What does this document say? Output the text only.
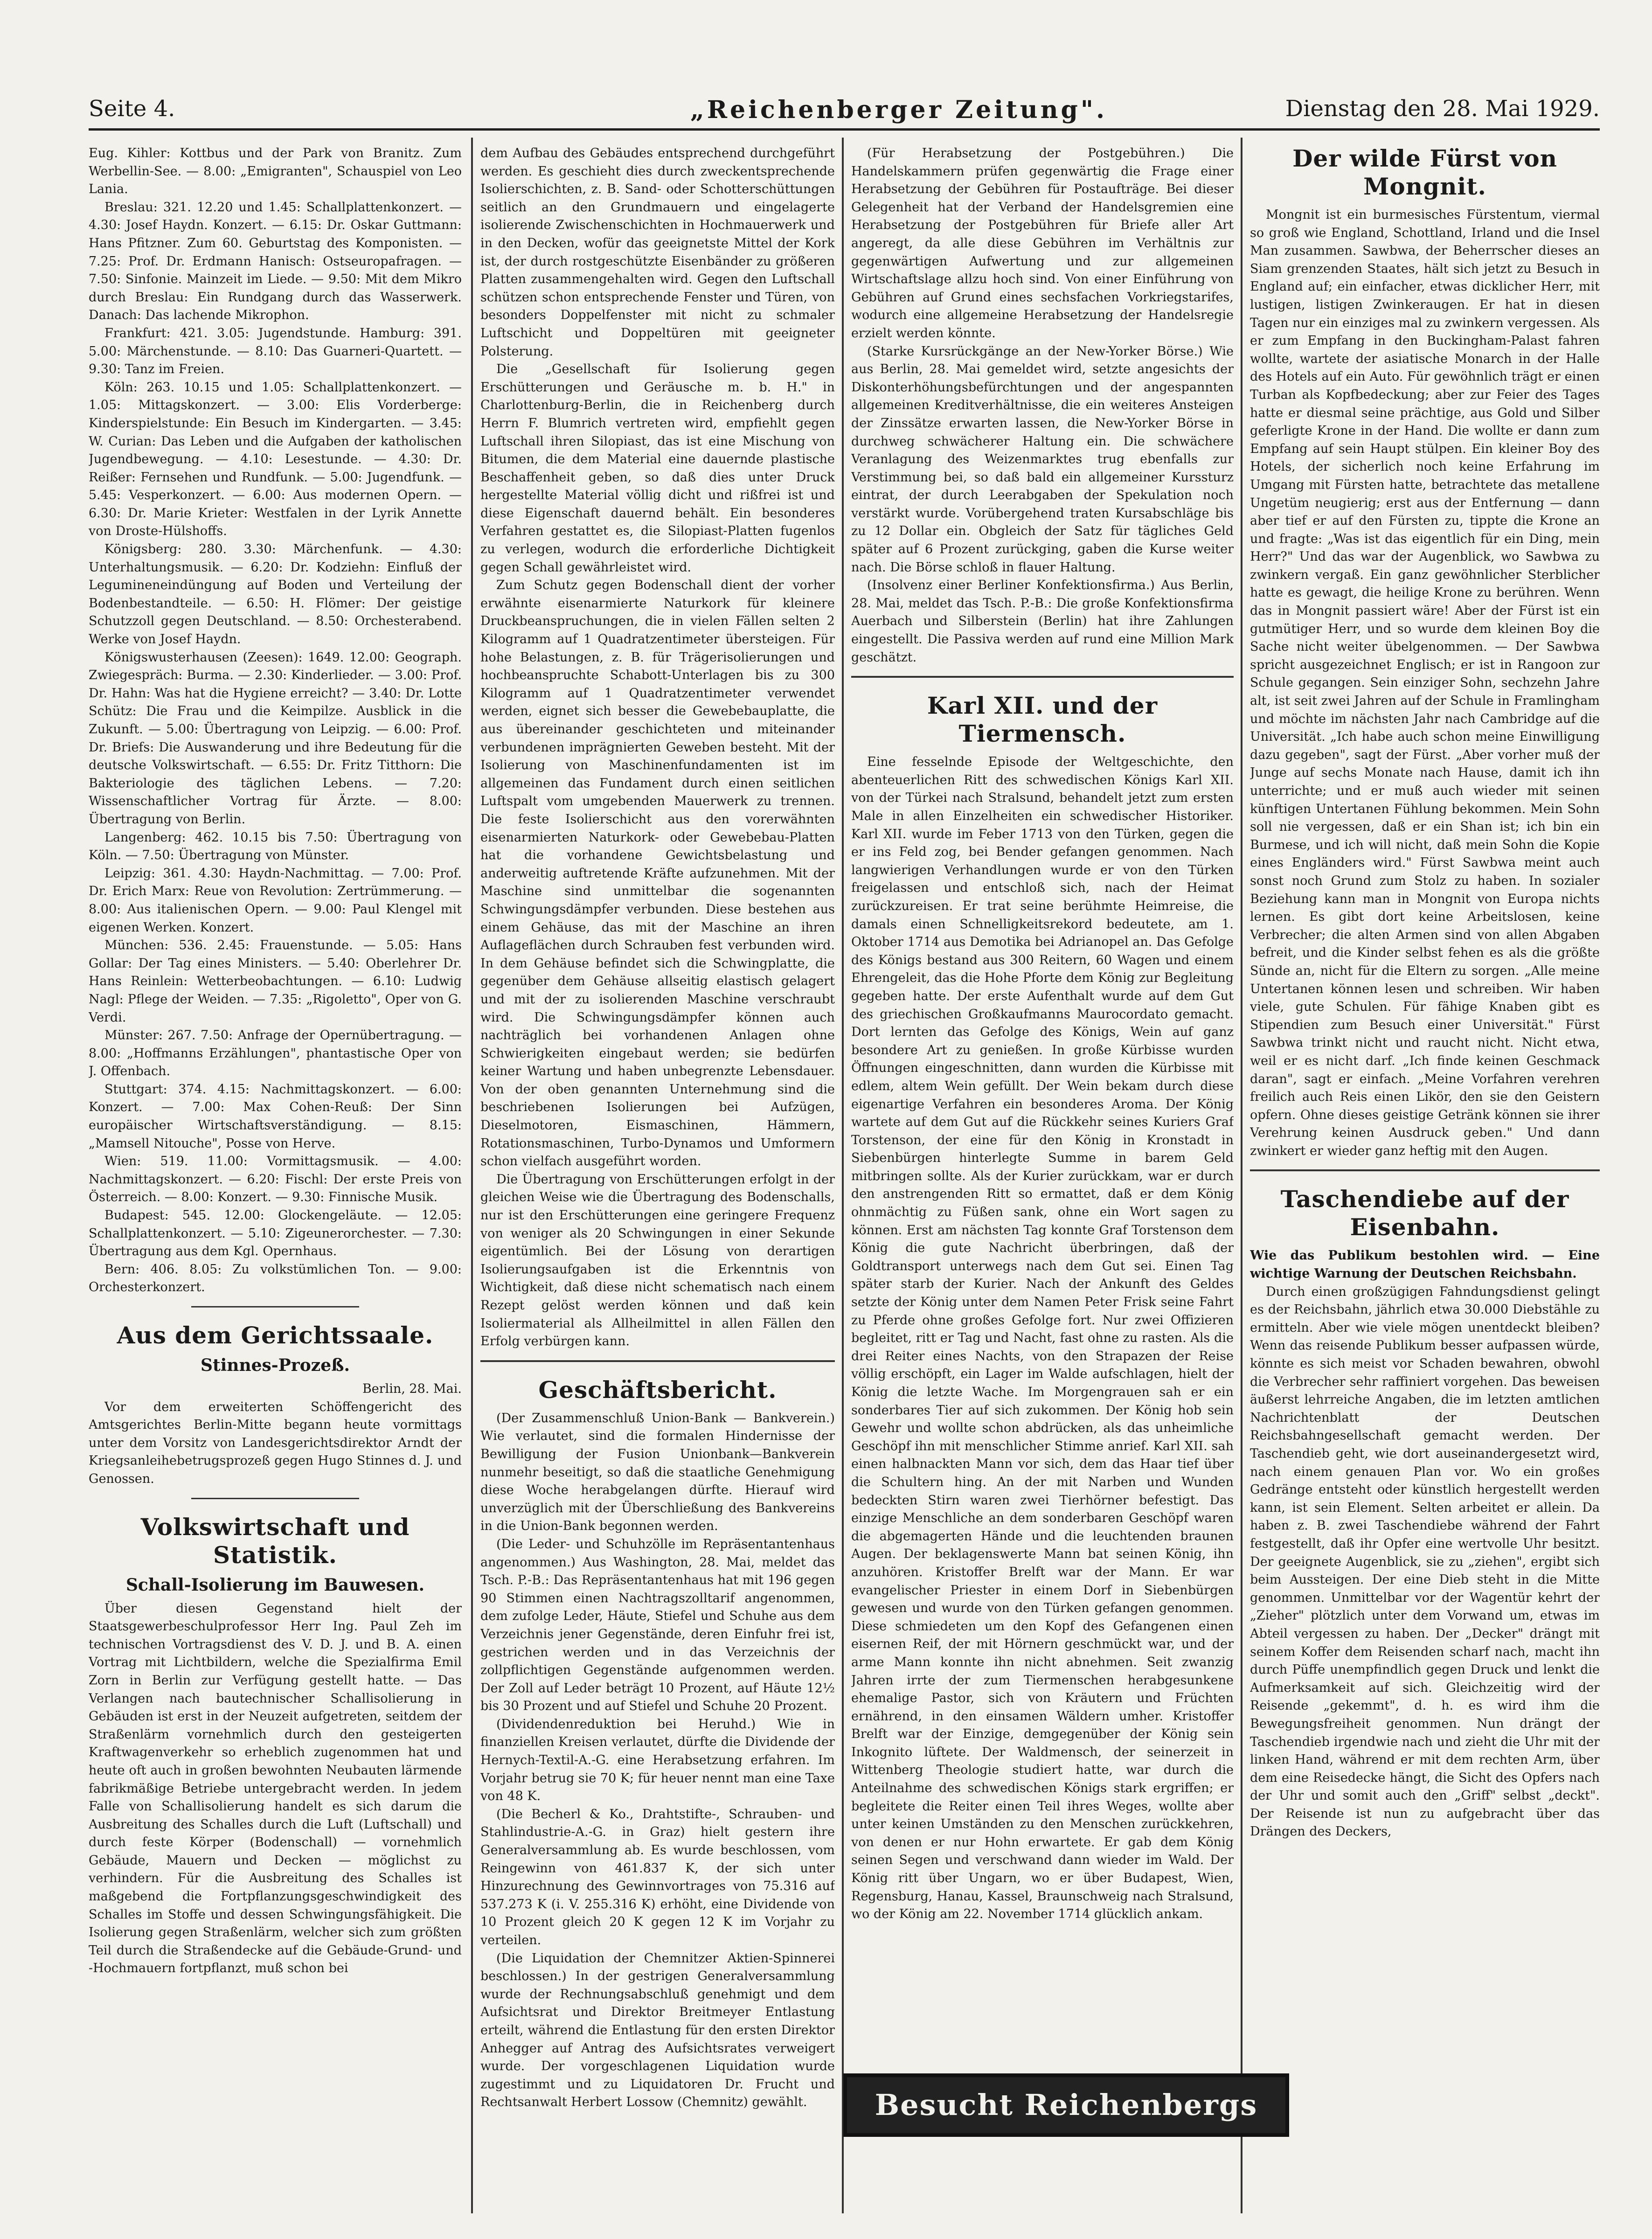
Seite 4.	„Reichenberger Zeitung".	Dienstag den 28. Mai 1929.

Eug. Kihler: Kottbus und der Park von Branitz. Zum Werbellin-See. — 8.00: „Emigranten", Schauspiel von Leo Lania.

Breslau: 321. 12.20 und 1.45: Schallplattenkonzert. — 4.30: Josef Haydn. Konzert. — 6.15: Dr. Oskar Guttmann: Hans Pfitzner. Zum 60. Geburtstag des Komponisten. — 7.25: Prof. Dr. Erdmann Hanisch: Ostseuropafragen. — 7.50: Sinfonie. Mainzeit im Liede. — 9.50: Mit dem Mikro durch Breslau: Ein Rundgang durch das Wasserwerk. Danach: Das lachende Mikrophon.

Frankfurt: 421. 3.05: Jugendstunde. Hamburg: 391. 5.00: Märchenstunde. — 8.10: Das Guarneri-Quartett. — 9.30: Tanz im Freien.

Köln: 263. 10.15 und 1.05: Schallplattenkonzert. — 1.05: Mittagskonzert. — 3.00: Elis Vorderberge: Kinderspielstunde: Ein Besuch im Kindergarten. — 3.45: W. Curian: Das Leben und die Aufgaben der katholischen Jugendbewegung. — 4.10: Lesestunde. — 4.30: Dr. Reißer: Fernsehen und Rundfunk. — 5.00: Jugendfunk. — 5.45: Vesperkonzert. — 6.00: Aus modernen Opern. — 6.30: Dr. Marie Krieter: Westfalen in der Lyrik Annette von Droste-Hülshoffs.

Königsberg: 280. 3.30: Märchenfunk. — 4.30: Unterhaltungsmusik. — 6.20: Dr. Kodziehn: Einfluß der Legumineneindüngung auf Boden und Verteilung der Bodenbestandteile. — 6.50: H. Flömer: Der geistige Schutzzoll gegen Deutschland. — 8.50: Orchesterabend. Werke von Josef Haydn.

Königswusterhausen (Zeesen): 1649. 12.00: Geograph. Zwiegespräch: Burma. — 2.30: Kinderlieder. — 3.00: Prof. Dr. Hahn: Was hat die Hygiene erreicht? — 3.40: Dr. Lotte Schütz: Die Frau und die Keimpilze. Ausblick in die Zukunft. — 5.00: Übertragung von Leipzig. — 6.00: Prof. Dr. Briefs: Die Auswanderung und ihre Bedeutung für die deutsche Volkswirtschaft. — 6.55: Dr. Fritz Titthorn: Die Bakteriologie des täglichen Lebens. — 7.20: Wissenschaftlicher Vortrag für Ärzte. — 8.00: Übertragung von Berlin.

Langenberg: 462. 10.15 bis 7.50: Übertragung von Köln. — 7.50: Übertragung von Münster.

Leipzig: 361. 4.30: Haydn-Nachmittag. — 7.00: Prof. Dr. Erich Marx: Reue von Revolution: Zertrümmerung. — 8.00: Aus italienischen Opern. — 9.00: Paul Klengel mit eigenen Werken. Konzert.

München: 536. 2.45: Frauenstunde. — 5.05: Hans Gollar: Der Tag eines Ministers. — 5.40: Oberlehrer Dr. Hans Reinlein: Wetterbeobachtungen. — 6.10: Ludwig Nagl: Pflege der Weiden. — 7.35: „Rigoletto", Oper von G. Verdi.

Münster: 267. 7.50: Anfrage der Opernübertragung. — 8.00: „Hoffmanns Erzählungen", phantastische Oper von J. Offenbach.

Stuttgart: 374. 4.15: Nachmittagskonzert. — 6.00: Konzert. — 7.00: Max Cohen-Reuß: Der Sinn europäischer Wirtschaftsverständigung. — 8.15: „Mamsell Nitouche", Posse von Herve.

Wien: 519. 11.00: Vormittagsmusik. — 4.00: Nachmittagskonzert. — 6.20: Fischl: Der erste Preis von Österreich. — 8.00: Konzert. — 9.30: Finnische Musik.

Budapest: 545. 12.00: Glockengeläute. — 12.05: Schallplattenkonzert. — 5.10: Zigeunerorchester. — 7.30: Übertragung aus dem Kgl. Opernhaus.

Bern: 406. 8.05: Zu volkstümlichen Ton. — 9.00: Orchesterkonzert.

Aus dem Gerichtssaale.
Stinnes-Prozeß.

Berlin, 28. Mai.

Vor dem erweiterten Schöffengericht des Amtsgerichtes Berlin-Mitte begann heute vormittags unter dem Vorsitz von Landesgerichtsdirektor Arndt der Kriegsanleihebetrugsprozeß gegen Hugo Stinnes d. J. und Genossen.

Volkswirtschaft und Statistik.
Schall-Isolierung im Bauwesen.

Über diesen Gegenstand hielt der Staatsgewerbeschulprofessor Herr Ing. Paul Zeh im technischen Vortragsdienst des V. D. J. und B. A. einen Vortrag mit Lichtbildern, welche die Spezialfirma Emil Zorn in Berlin zur Verfügung gestellt hatte. — Das Verlangen nach bautechnischer Schallisolierung in Gebäuden ist erst in der Neuzeit aufgetreten, seitdem der Straßenlärm vornehmlich durch den gesteigerten Kraftwagenverkehr so erheblich zugenommen hat und heute oft auch in großen bewohnten Neubauten lärmende fabrikmäßige Betriebe untergebracht werden. In jedem Falle von Schallisolierung handelt es sich darum die Ausbreitung des Schalles durch die Luft (Luftschall) und durch feste Körper (Bodenschall) — vornehmlich Gebäude, Mauern und Decken — möglichst zu verhindern. Für die Ausbreitung des Schalles ist maßgebend die Fortpflanzungsgeschwindigkeit des Schalles im Stoffe und dessen Schwingungsfähigkeit. Die Isolierung gegen Straßenlärm, welcher sich zum größten Teil durch die Straßendecke auf die Gebäude-Grund- und -Hochmauern fortpflanzt, muß schon bei

dem Aufbau des Gebäudes entsprechend durchgeführt werden. Es geschieht dies durch zweckentsprechende Isolierschichten, z. B. Sand- oder Schotterschüttungen seitlich an den Grundmauern und eingelagerte isolierende Zwischenschichten in Hochmauerwerk und in den Decken, wofür das geeignetste Mittel der Kork ist, der durch rostgeschützte Eisenbänder zu größeren Platten zusammengehalten wird. Gegen den Luftschall schützen schon entsprechende Fenster und Türen, von besonders Doppelfenster mit nicht zu schmaler Luftschicht und Doppeltüren mit geeigneter Polsterung.

Die „Gesellschaft für Isolierung gegen Erschütterungen und Geräusche m. b. H." in Charlottenburg-Berlin, die in Reichenberg durch Herrn F. Blumrich vertreten wird, empfiehlt gegen Luftschall ihren Silopiast, das ist eine Mischung von Bitumen, die dem Material eine dauernde plastische Beschaffenheit geben, so daß dies unter Druck hergestellte Material völlig dicht und rißfrei ist und diese Eigenschaft dauernd behält. Ein besonderes Verfahren gestattet es, die Silopiast-Platten fugenlos zu verlegen, wodurch die erforderliche Dichtigkeit gegen Schall gewährleistet wird.

Zum Schutz gegen Bodenschall dient der vorher erwähnte eisenarmierte Naturkork für kleinere Druckbeanspruchungen, die in vielen Fällen selten 2 Kilogramm auf 1 Quadratzentimeter übersteigen. Für hohe Belastungen, z. B. für Trägerisolierungen und hochbeanspruchte Schabott-Unterlagen bis zu 300 Kilogramm auf 1 Quadratzentimeter verwendet werden, eignet sich besser die Gewebebauplatte, die aus übereinander geschichteten und miteinander verbundenen imprägnierten Geweben besteht. Mit der Isolierung von Maschinenfundamenten ist im allgemeinen das Fundament durch einen seitlichen Luftspalt vom umgebenden Mauerwerk zu trennen. Die feste Isolierschicht aus den vorerwähnten eisenarmierten Naturkork- oder Gewebebau-Platten hat die vorhandene Gewichtsbelastung und anderweitig auftretende Kräfte aufzunehmen. Mit der Maschine sind unmittelbar die sogenannten Schwingungsdämpfer verbunden. Diese bestehen aus einem Gehäuse, das mit der Maschine an ihren Auflageflächen durch Schrauben fest verbunden wird. In dem Gehäuse befindet sich die Schwingplatte, die gegenüber dem Gehäuse allseitig elastisch gelagert und mit der zu isolierenden Maschine verschraubt wird. Die Schwingungsdämpfer können auch nachträglich bei vorhandenen Anlagen ohne Schwierigkeiten eingebaut werden; sie bedürfen keiner Wartung und haben unbegrenzte Lebensdauer. Von der oben genannten Unternehmung sind die beschriebenen Isolierungen bei Aufzügen, Dieselmotoren, Eismaschinen, Hämmern, Rotationsmaschinen, Turbo-Dynamos und Umformern schon vielfach ausgeführt worden.

Die Übertragung von Erschütterungen erfolgt in der gleichen Weise wie die Übertragung des Bodenschalls, nur ist den Erschütterungen eine geringere Frequenz von weniger als 20 Schwingungen in einer Sekunde eigentümlich. Bei der Lösung von derartigen Isolierungsaufgaben ist die Erkenntnis von Wichtigkeit, daß diese nicht schematisch nach einem Rezept gelöst werden können und daß kein Isoliermaterial als Allheilmittel in allen Fällen den Erfolg verbürgen kann.

Geschäftsbericht.

(Der Zusammenschluß Union-Bank — Bankverein.) Wie verlautet, sind die formalen Hindernisse der Bewilligung der Fusion Unionbank—Bankverein nunmehr beseitigt, so daß die staatliche Genehmigung diese Woche herabgelangen dürfte. Hierauf wird unverzüglich mit der Überschließung des Bankvereins in die Union-Bank begonnen werden.

(Die Leder- und Schuhzölle im Repräsentantenhaus angenommen.) Aus Washington, 28. Mai, meldet das Tsch. P.-B.: Das Repräsentantenhaus hat mit 196 gegen 90 Stimmen einen Nachtragszolltarif angenommen, dem zufolge Leder, Häute, Stiefel und Schuhe aus dem Verzeichnis jener Gegenstände, deren Einfuhr frei ist, gestrichen werden und in das Verzeichnis der zollpflichtigen Gegenstände aufgenommen werden. Der Zoll auf Leder beträgt 10 Prozent, auf Häute 12½ bis 30 Prozent und auf Stiefel und Schuhe 20 Prozent.

(Dividendenreduktion bei Heruhd.) Wie in finanziellen Kreisen verlautet, dürfte die Dividende der Hernych-Textil-A.-G. eine Herabsetzung erfahren. Im Vorjahr betrug sie 70 K; für heuer nennt man eine Taxe von 48 K.

(Die Becherl & Ko., Drahtstifte-, Schrauben- und Stahlindustrie-A.-G. in Graz) hielt gestern ihre Generalversammlung ab. Es wurde beschlossen, vom Reingewinn von 461.837 K, der sich unter Hinzurechnung des Gewinnvortrages von 75.316 auf 537.273 K (i. V. 255.316 K) erhöht, eine Dividende von 10 Prozent gleich 20 K gegen 12 K im Vorjahr zu verteilen.

(Die Liquidation der Chemnitzer Aktien-Spinnerei beschlossen.) In der gestrigen Generalversammlung wurde der Rechnungsabschluß genehmigt und dem Aufsichtsrat und Direktor Breitmeyer Entlastung erteilt, während die Entlastung für den ersten Direktor Anhegger auf Antrag des Aufsichtsrates verweigert wurde. Der vorgeschlagenen Liquidation wurde zugestimmt und zu Liquidatoren Dr. Frucht und Rechtsanwalt Herbert Lossow (Chemnitz) gewählt.

(Für Herabsetzung der Postgebühren.) Die Handelskammern prüfen gegenwärtig die Frage einer Herabsetzung der Gebühren für Postaufträge. Bei dieser Gelegenheit hat der Verband der Handelsgremien eine Herabsetzung der Postgebühren für Briefe aller Art angeregt, da alle diese Gebühren im Verhältnis zur gegenwärtigen Aufwertung und zur allgemeinen Wirtschaftslage allzu hoch sind. Von einer Einführung von Gebühren auf Grund eines sechsfachen Vorkriegstarifes, wodurch eine allgemeine Herabsetzung der Handelsregie erzielt werden könnte.

(Starke Kursrückgänge an der New-Yorker Börse.) Wie aus Berlin, 28. Mai gemeldet wird, setzte angesichts der Diskonterhöhungsbefürchtungen und der angespannten allgemeinen Kreditverhältnisse, die ein weiteres Ansteigen der Zinssätze erwarten lassen, die New-Yorker Börse in durchweg schwächerer Haltung ein. Die schwächere Veranlagung des Weizenmarktes trug ebenfalls zur Verstimmung bei, so daß bald ein allgemeiner Kurssturz eintrat, der durch Leerabgaben der Spekulation noch verstärkt wurde. Vorübergehend traten Kursabschläge bis zu 12 Dollar ein. Obgleich der Satz für tägliches Geld später auf 6 Prozent zurückging, gaben die Kurse weiter nach. Die Börse schloß in flauer Haltung.

(Insolvenz einer Berliner Konfektionsfirma.) Aus Berlin, 28. Mai, meldet das Tsch. P.-B.: Die große Konfektionsfirma Auerbach und Silberstein (Berlin) hat ihre Zahlungen eingestellt. Die Passiva werden auf rund eine Million Mark geschätzt.

Karl XII. und der Tiermensch.

Eine fesselnde Episode der Weltgeschichte, den abenteuerlichen Ritt des schwedischen Königs Karl XII. von der Türkei nach Stralsund, behandelt jetzt zum ersten Male in allen Einzelheiten ein schwedischer Historiker. Karl XII. wurde im Feber 1713 von den Türken, gegen die er ins Feld zog, bei Bender gefangen genommen. Nach langwierigen Verhandlungen wurde er von den Türken freigelassen und entschloß sich, nach der Heimat zurückzureisen. Er trat seine berühmte Heimreise, die damals einen Schnelligkeitsrekord bedeutete, am 1. Oktober 1714 aus Demotika bei Adrianopel an. Das Gefolge des Königs bestand aus 300 Reitern, 60 Wagen und einem Ehrengeleit, das die Hohe Pforte dem König zur Begleitung gegeben hatte. Der erste Aufenthalt wurde auf dem Gut des griechischen Großkaufmanns Maurocordato gemacht. Dort lernten das Gefolge des Königs, Wein auf ganz besondere Art zu genießen. In große Kürbisse wurden Öffnungen eingeschnitten, dann wurden die Kürbisse mit edlem, altem Wein gefüllt. Der Wein bekam durch diese eigenartige Verfahren ein besonderes Aroma. Der König wartete auf dem Gut auf die Rückkehr seines Kuriers Graf Torstenson, der eine für den König in Kronstadt in Siebenbürgen hinterlegte Summe in barem Geld mitbringen sollte. Als der Kurier zurückkam, war er durch den anstrengenden Ritt so ermattet, daß er dem König ohnmächtig zu Füßen sank, ohne ein Wort sagen zu können. Erst am nächsten Tag konnte Graf Torstenson dem König die gute Nachricht überbringen, daß der Goldtransport unterwegs nach dem Gut sei. Einen Tag später starb der Kurier. Nach der Ankunft des Geldes setzte der König unter dem Namen Peter Frisk seine Fahrt zu Pferde ohne großes Gefolge fort. Nur zwei Offizieren begleitet, ritt er Tag und Nacht, fast ohne zu rasten. Als die drei Reiter eines Nachts, von den Strapazen der Reise völlig erschöpft, ein Lager im Walde aufschlagen, hielt der König die letzte Wache. Im Morgengrauen sah er ein sonderbares Tier auf sich zukommen. Der König hob sein Gewehr und wollte schon abdrücken, als das unheimliche Geschöpf ihn mit menschlicher Stimme anrief. Karl XII. sah einen halbnackten Mann vor sich, dem das Haar tief über die Schultern hing. An der mit Narben und Wunden bedeckten Stirn waren zwei Tierhörner befestigt. Das einzige Menschliche an dem sonderbaren Geschöpf waren die abgemagerten Hände und die leuchtenden braunen Augen. Der beklagenswerte Mann bat seinen König, ihn anzuhören. Kristoffer Brelft war der Mann. Er war evangelischer Priester in einem Dorf in Siebenbürgen gewesen und wurde von den Türken gefangen genommen. Diese schmiedeten um den Kopf des Gefangenen einen eisernen Reif, der mit Hörnern geschmückt war, und der arme Mann konnte ihn nicht abnehmen. Seit zwanzig Jahren irrte der zum Tiermenschen herabgesunkene ehemalige Pastor, sich von Kräutern und Früchten ernährend, in den einsamen Wäldern umher. Kristoffer Brelft war der Einzige, demgegenüber der König sein Inkognito lüftete. Der Waldmensch, der seinerzeit in Wittenberg Theologie studiert hatte, war durch die Anteilnahme des schwedischen Königs stark ergriffen; er begleitete die Reiter einen Teil ihres Weges, wollte aber unter keinen Umständen zu den Menschen zurückkehren, von denen er nur Hohn erwartete. Er gab dem König seinen Segen und verschwand dann wieder im Wald. Der König ritt über Ungarn, wo er über Budapest, Wien, Regensburg, Hanau, Kassel, Braunschweig nach Stralsund, wo der König am 22. November 1714 glücklich ankam.

Besucht Reichenbergs Tiergarten!
Der wilde Fürst von Mongnit.

Mongnit ist ein burmesisches Fürstentum, viermal so groß wie England, Schottland, Irland und die Insel Man zusammen. Sawbwa, der Beherrscher dieses an Siam grenzenden Staates, hält sich jetzt zu Besuch in England auf; ein einfacher, etwas dicklicher Herr, mit lustigen, listigen Zwinkeraugen. Er hat in diesen Tagen nur ein einziges mal zu zwinkern vergessen. Als er zum Empfang in den Buckingham-Palast fahren wollte, wartete der asiatische Monarch in der Halle des Hotels auf ein Auto. Für gewöhnlich trägt er einen Turban als Kopfbedeckung; aber zur Feier des Tages hatte er diesmal seine prächtige, aus Gold und Silber geferligte Krone in der Hand. Die wollte er dann zum Empfang auf sein Haupt stülpen. Ein kleiner Boy des Hotels, der sicherlich noch keine Erfahrung im Umgang mit Fürsten hatte, betrachtete das metallene Ungetüm neugierig; erst aus der Entfernung — dann aber tief er auf den Fürsten zu, tippte die Krone an und fragte: „Was ist das eigentlich für ein Ding, mein Herr?" Und das war der Augenblick, wo Sawbwa zu zwinkern vergaß. Ein ganz gewöhnlicher Sterblicher hatte es gewagt, die heilige Krone zu berühren. Wenn das in Mongnit passiert wäre! Aber der Fürst ist ein gutmütiger Herr, und so wurde dem kleinen Boy die Sache nicht weiter übelgenommen. — Der Sawbwa spricht ausgezeichnet Englisch; er ist in Rangoon zur Schule gegangen. Sein einziger Sohn, sechzehn Jahre alt, ist seit zwei Jahren auf der Schule in Framlingham und möchte im nächsten Jahr nach Cambridge auf die Universität. „Ich habe auch schon meine Einwilligung dazu gegeben", sagt der Fürst. „Aber vorher muß der Junge auf sechs Monate nach Hause, damit ich ihn unterrichte; und er muß auch wieder mit seinen künftigen Untertanen Fühlung bekommen. Mein Sohn soll nie vergessen, daß er ein Shan ist; ich bin ein Burmese, und ich will nicht, daß mein Sohn die Kopie eines Engländers wird." Fürst Sawbwa meint auch sonst noch Grund zum Stolz zu haben. In sozialer Beziehung kann man in Mongnit von Europa nichts lernen. Es gibt dort keine Arbeitslosen, keine Verbrecher; die alten Armen sind von allen Abgaben befreit, und die Kinder selbst fehen es als die größte Sünde an, nicht für die Eltern zu sorgen. „Alle meine Untertanen können lesen und schreiben. Wir haben viele, gute Schulen. Für fähige Knaben gibt es Stipendien zum Besuch einer Universität." Fürst Sawbwa trinkt nicht und raucht nicht. Nicht etwa, weil er es nicht darf. „Ich finde keinen Geschmack daran", sagt er einfach. „Meine Vorfahren verehren freilich auch Reis einen Likör, den sie den Geistern opfern. Ohne dieses geistige Getränk können sie ihrer Verehrung keinen Ausdruck geben." Und dann zwinkert er wieder ganz heftig mit den Augen.

Taschendiebe auf der Eisenbahn.

Wie das Publikum bestohlen wird. — Eine wichtige Warnung der Deutschen Reichsbahn.

Durch einen großzügigen Fahndungsdienst gelingt es der Reichsbahn, jährlich etwa 30.000 Diebstähle zu ermitteln. Aber wie viele mögen unentdeckt bleiben? Wenn das reisende Publikum besser aufpassen würde, könnte es sich meist vor Schaden bewahren, obwohl die Verbrecher sehr raffiniert vorgehen. Das beweisen äußerst lehrreiche Angaben, die im letzten amtlichen Nachrichtenblatt der Deutschen Reichsbahngesellschaft gemacht werden. Der Taschendieb geht, wie dort auseinandergesetzt wird, nach einem genauen Plan vor. Wo ein großes Gedränge entsteht oder künstlich hergestellt werden kann, ist sein Element. Selten arbeitet er allein. Da haben z. B. zwei Taschendiebe während der Fahrt festgestellt, daß ihr Opfer eine wertvolle Uhr besitzt. Der geeignete Augenblick, sie zu „ziehen", ergibt sich beim Aussteigen. Der eine Dieb steht in die Mitte genommen. Unmittelbar vor der Wagentür kehrt der „Zieher" plötzlich unter dem Vorwand um, etwas im Abteil vergessen zu haben. Der „Decker" drängt mit seinem Koffer dem Reisenden scharf nach, macht ihn durch Püffe unempfindlich gegen Druck und lenkt die Aufmerksamkeit auf sich. Gleichzeitig wird der Reisende „gekemmt", d. h. es wird ihm die Bewegungsfreiheit genommen. Nun drängt der Taschendieb irgendwie nach und zieht die Uhr mit der linken Hand, während er mit dem rechten Arm, über dem eine Reisedecke hängt, die Sicht des Opfers nach der Uhr und somit auch den „Griff" selbst „deckt". Der Reisende ist nun zu aufgebracht über das Drängen des Deckers,
